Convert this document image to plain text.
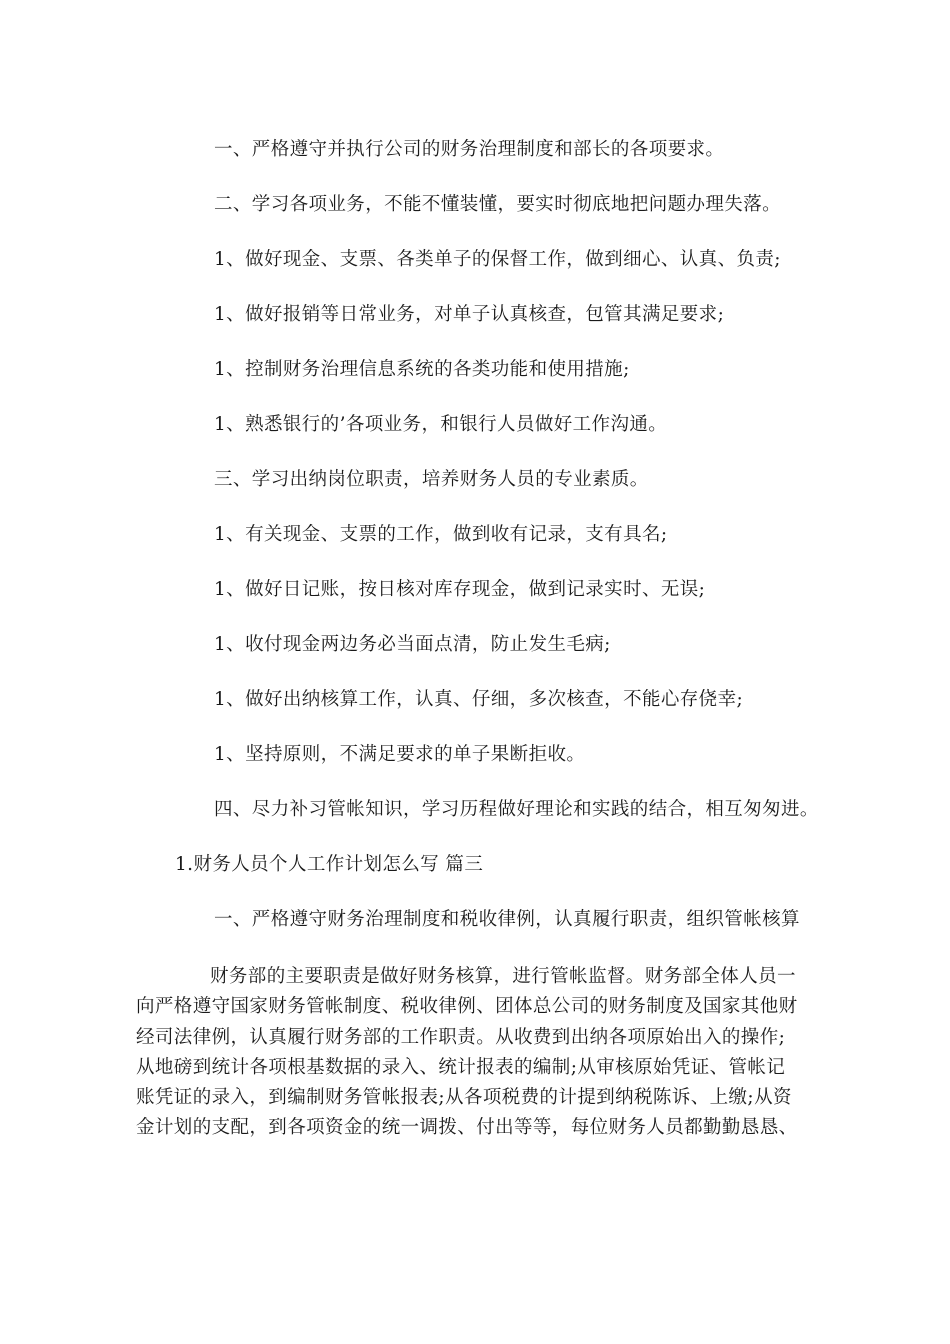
一、严格遵守并执行公司的财务治理制度和部长的各项要求。
二、学习各项业务，不能不懂装懂，要实时彻底地把问题办理失落。
1、做好现金、支票、各类单子的保督工作，做到细心、认真、负责;
1、做好报销等日常业务，对单子认真核查，包管其满足要求;
1、控制财务治理信息系统的各类功能和使用措施;
1、熟悉银行的’各项业务，和银行人员做好工作沟通。
三、学习出纳岗位职责，培养财务人员的专业素质。
1、有关现金、支票的工作，做到收有记录，支有具名;
1、做好日记账，按日核对库存现金，做到记录实时、无误;
1、收付现金两边务必当面点清，防止发生毛病;
1、做好出纳核算工作，认真、仔细，多次核查，不能心存侥幸;
1、坚持原则，不满足要求的单子果断拒收。
四、尽力补习管帐知识，学习历程做好理论和实践的结合，相互匆匆进。
1.财务人员个人工作计划怎么写 篇三
一、严格遵守财务治理制度和税收律例，认真履行职责，组织管帐核算
财务部的主要职责是做好财务核算，进行管帐监督。财务部全体人员一
向严格遵守国家财务管帐制度、税收律例、团体总公司的财务制度及国家其他财
经司法律例，认真履行财务部的工作职责。从收费到出纳各项原始出入的操作;
从地磅到统计各项根基数据的录入、统计报表的编制;从审核原始凭证、管帐记
账凭证的录入，到编制财务管帐报表;从各项税费的计提到纳税陈诉、上缴;从资
金计划的支配，到各项资金的统一调拨、付出等等，每位财务人员都勤勤恳恳、
